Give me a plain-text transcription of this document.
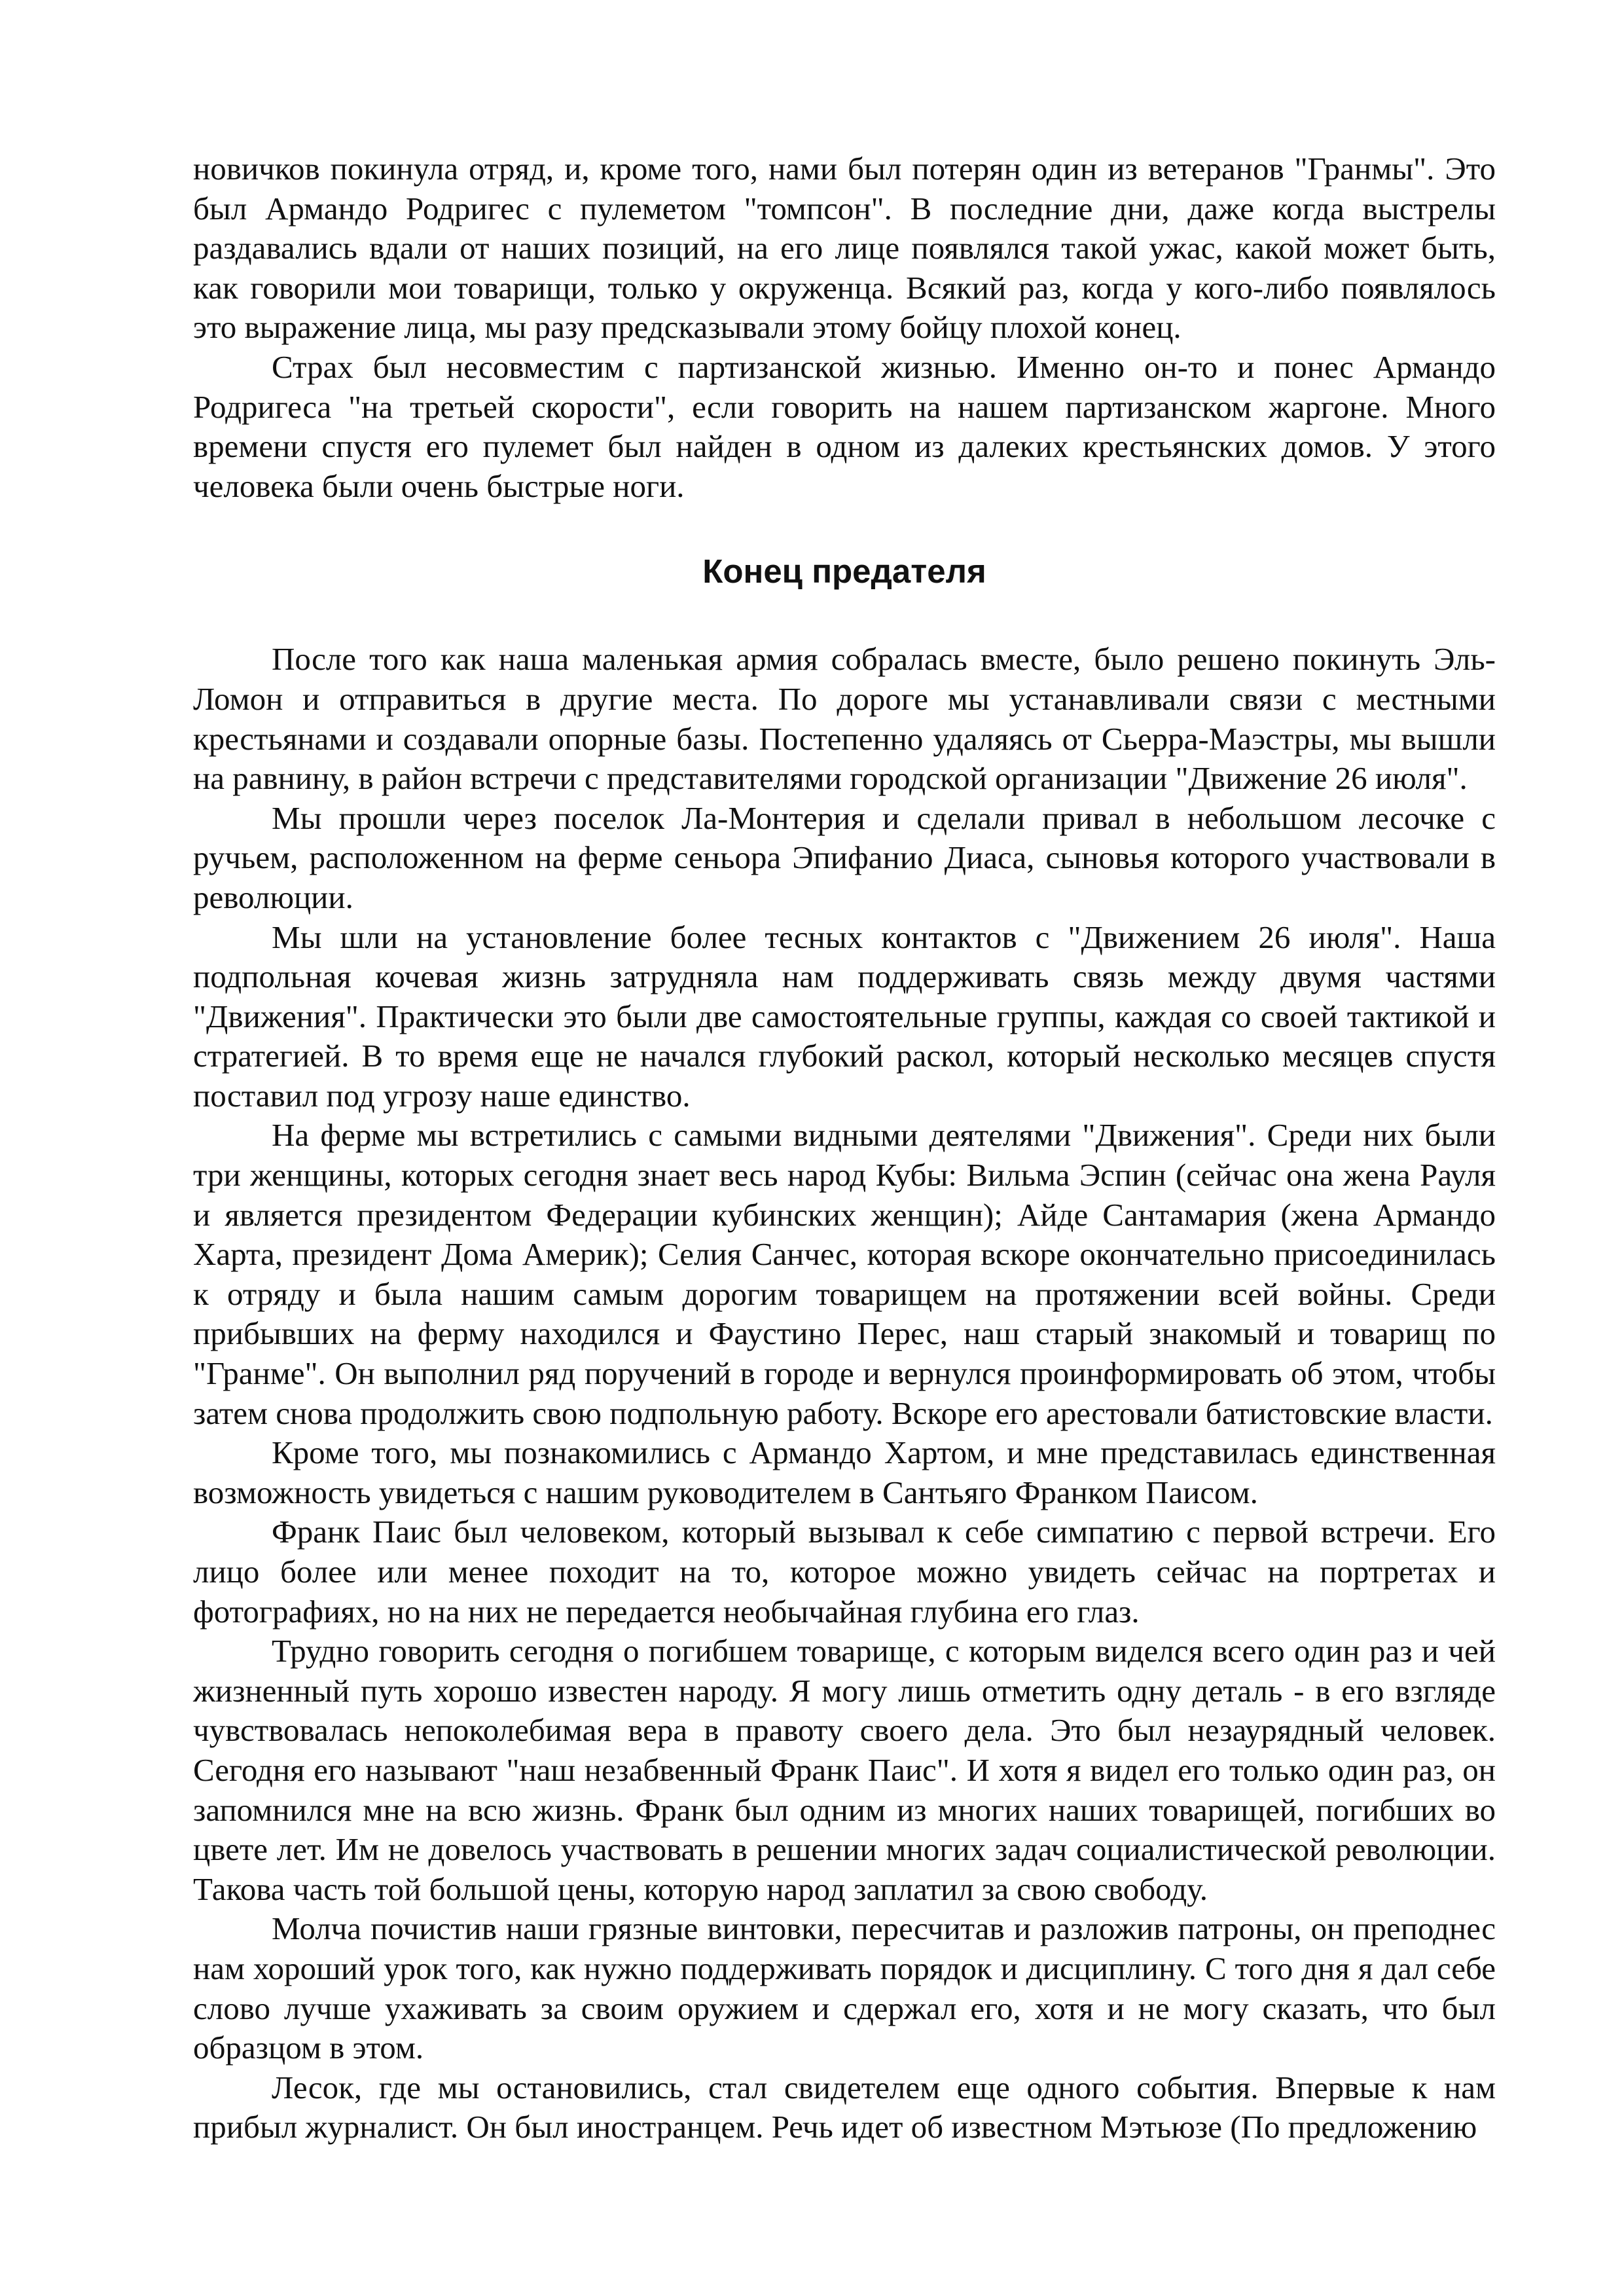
новичков покинула отряд, и, кроме того, нами был потерян один из ветеранов "Гранмы". Это был Армандо Родригес с пулеметом "томпсон". В последние дни, даже когда выстрелы раздавались вдали от наших позиций, на его лице появлялся такой ужас, какой может быть, как говорили мои товарищи, только у окруженца. Всякий раз, когда у кого-либо появлялось это выражение лица, мы разу предсказывали этому бойцу плохой конец.

Страх был несовместим с партизанской жизнью. Именно он-то и понес Армандо Родригеса "на третьей скорости", если говорить на нашем партизанском жаргоне. Много времени спустя его пулемет был найден в одном из далеких крестьянских домов. У этого человека были очень быстрые ноги.

Конец предателя

После того как наша маленькая армия собралась вместе, было решено покинуть Эль-Ломон и отправиться в другие места. По дороге мы устанавливали связи с местными крестьянами и создавали опорные базы. Постепенно удаляясь от Сьерра-Маэстры, мы вышли на равнину, в район встречи с представителями городской организации "Движение 26 июля".

Мы прошли через поселок Ла-Монтерия и сделали привал в небольшом лесочке с ручьем, расположенном на ферме сеньора Эпифанио Диаса, сыновья которого участвовали в революции.

Мы шли на установление более тесных контактов с "Движением 26 июля". Наша подпольная кочевая жизнь затрудняла нам поддерживать связь между двумя частями "Движения". Практически это были две самостоятельные группы, каждая со своей тактикой и стратегией. В то время еще не начался глубокий раскол, который несколько месяцев спустя поставил под угрозу наше единство.

На ферме мы встретились с самыми видными деятелями "Движения". Среди них были три женщины, которых сегодня знает весь народ Кубы: Вильма Эспин (сейчас она жена Рауля и является президентом Федерации кубинских женщин); Айде Сантамария (жена Армандо Харта, президент Дома Америк); Селия Санчес, которая вскоре окончательно присоединилась к отряду и была нашим самым дорогим товарищем на протяжении всей войны. Среди прибывших на ферму находился и Фаустино Перес, наш старый знакомый и товарищ по "Гранме". Он выполнил ряд поручений в городе и вернулся проинформировать об этом, чтобы затем снова продолжить свою подпольную работу. Вскоре его арестовали батистовские власти.

Кроме того, мы познакомились с Армандо Хартом, и мне представилась единственная возможность увидеться с нашим руководителем в Сантьяго Франком Паисом.

Франк Паис был человеком, который вызывал к себе симпатию с первой встречи. Его лицо более или менее походит на то, которое можно увидеть сейчас на портретах и фотографиях, но на них не передается необычайная глубина его глаз.

Трудно говорить сегодня о погибшем товарище, с которым виделся всего один раз и чей жизненный путь хорошо известен народу. Я могу лишь отметить одну деталь - в его взгляде чувствовалась непоколебимая вера в правоту своего дела. Это был незаурядный человек. Сегодня его называют "наш незабвенный Франк Паис". И хотя я видел его только один раз, он запомнился мне на всю жизнь. Франк был одним из многих наших товарищей, погибших во цвете лет. Им не довелось участвовать в решении многих задач социалистической революции. Такова часть той большой цены, которую народ заплатил за свою свободу.

Молча почистив наши грязные винтовки, пересчитав и разложив патроны, он преподнес нам хороший урок того, как нужно поддерживать порядок и дисциплину. С того дня я дал себе слово лучше ухаживать за своим оружием и сдержал его, хотя и не могу сказать, что был образцом в этом.

Лесок, где мы остановились, стал свидетелем еще одного события. Впервые к нам прибыл журналист. Он был иностранцем. Речь идет об известном Мэтьюзе (По предложению
